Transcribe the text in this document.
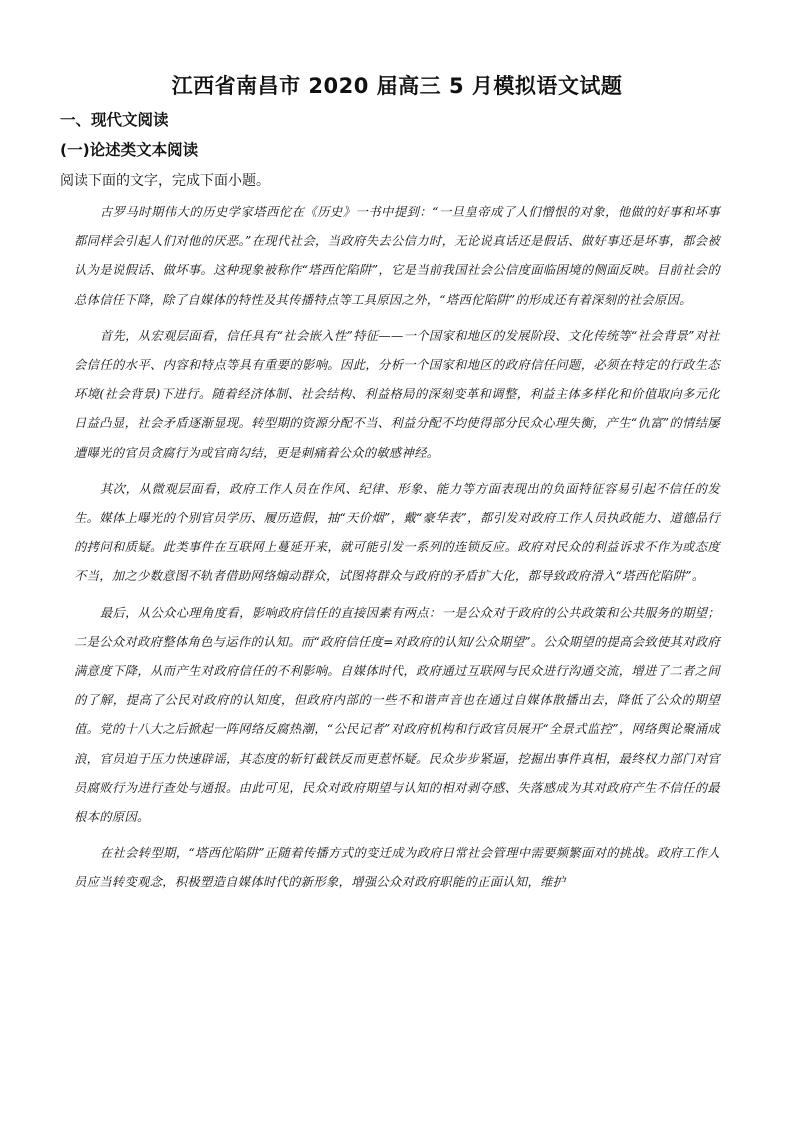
江西省南昌市 2020 届高三 5 月模拟语文试题
一、现代文阅读
(一)论述类文本阅读

阅读下面的文字，完成下面小题。

古罗马时期伟大的历史学家塔西佗在《历史》一书中提到：“一旦皇帝成了人们憎恨的对象，他做的好事和坏事都同样会引起人们对他的厌恶。”在现代社会，当政府失去公信力时，无论说真话还是假话、做好事还是坏事，都会被认为是说假话、做坏事。这种现象被称作“塔西佗陷阱”，它是当前我国社会公信度面临困境的侧面反映。目前社会的总体信任下降，除了自媒体的特性及其传播特点等工具原因之外，“塔西佗陷阱”的形成还有着深刻的社会原因。

首先，从宏观层面看，信任具有“社会嵌入性”特征——一个国家和地区的发展阶段、文化传统等“社会背景”对社会信任的水平、内容和特点等具有重要的影响。因此，分析一个国家和地区的政府信任问题，必须在特定的行政生态环境(社会背景)下进行。随着经济体制、社会结构、利益格局的深刻变革和调整，利益主体多样化和价值取向多元化日益凸显，社会矛盾逐渐显现。转型期的资源分配不当、利益分配不均使得部分民众心理失衡，产生“仇富”的情结屡遭曝光的官员贪腐行为或官商勾结，更是刺痛着公众的敏感神经。

其次，从微观层面看，政府工作人员在作风、纪律、形象、能力等方面表现出的负面特征容易引起不信任的发生。媒体上曝光的个别官员学历、履历造假，抽“天价烟”，戴“豪华表”，都引发对政府工作人员执政能力、道德品行的拷问和质疑。此类事件在互联网上蔓延开来，就可能引发一系列的连锁反应。政府对民众的利益诉求不作为或态度不当，加之少数意图不轨者借助网络煽动群众，试图将群众与政府的矛盾扩大化，都导致政府滑入“塔西佗陷阱”。

最后，从公众心理角度看，影响政府信任的直接因素有两点：一是公众对于政府的公共政策和公共服务的期望；二是公众对政府整体角色与运作的认知。而“政府信任度=对政府的认知/公众期望”。公众期望的提高会致使其对政府满意度下降，从而产生对政府信任的不利影响。自媒体时代，政府通过互联网与民众进行沟通交流，增进了二者之间的了解，提高了公民对政府的认知度，但政府内部的一些不和谐声音也在通过自媒体散播出去，降低了公众的期望值。党的十八大之后掀起一阵网络反腐热潮，“公民记者”对政府机构和行政官员展开“全景式监控”，网络舆论聚涌成浪，官员迫于压力快速辟谣，其态度的斩钉截铁反而更惹怀疑。民众步步紧逼，挖掘出事件真相，最终权力部门对官员腐败行为进行查处与通报。由此可见，民众对政府期望与认知的相对剥夺感、失落感成为其对政府产生不信任的最根本的原因。

在社会转型期，“塔西佗陷阱”正随着传播方式的变迁成为政府日常社会管理中需要频繁面对的挑战。政府工作人员应当转变观念，积极塑造自媒体时代的新形象，增强公众对政府职能的正面认知，维护
